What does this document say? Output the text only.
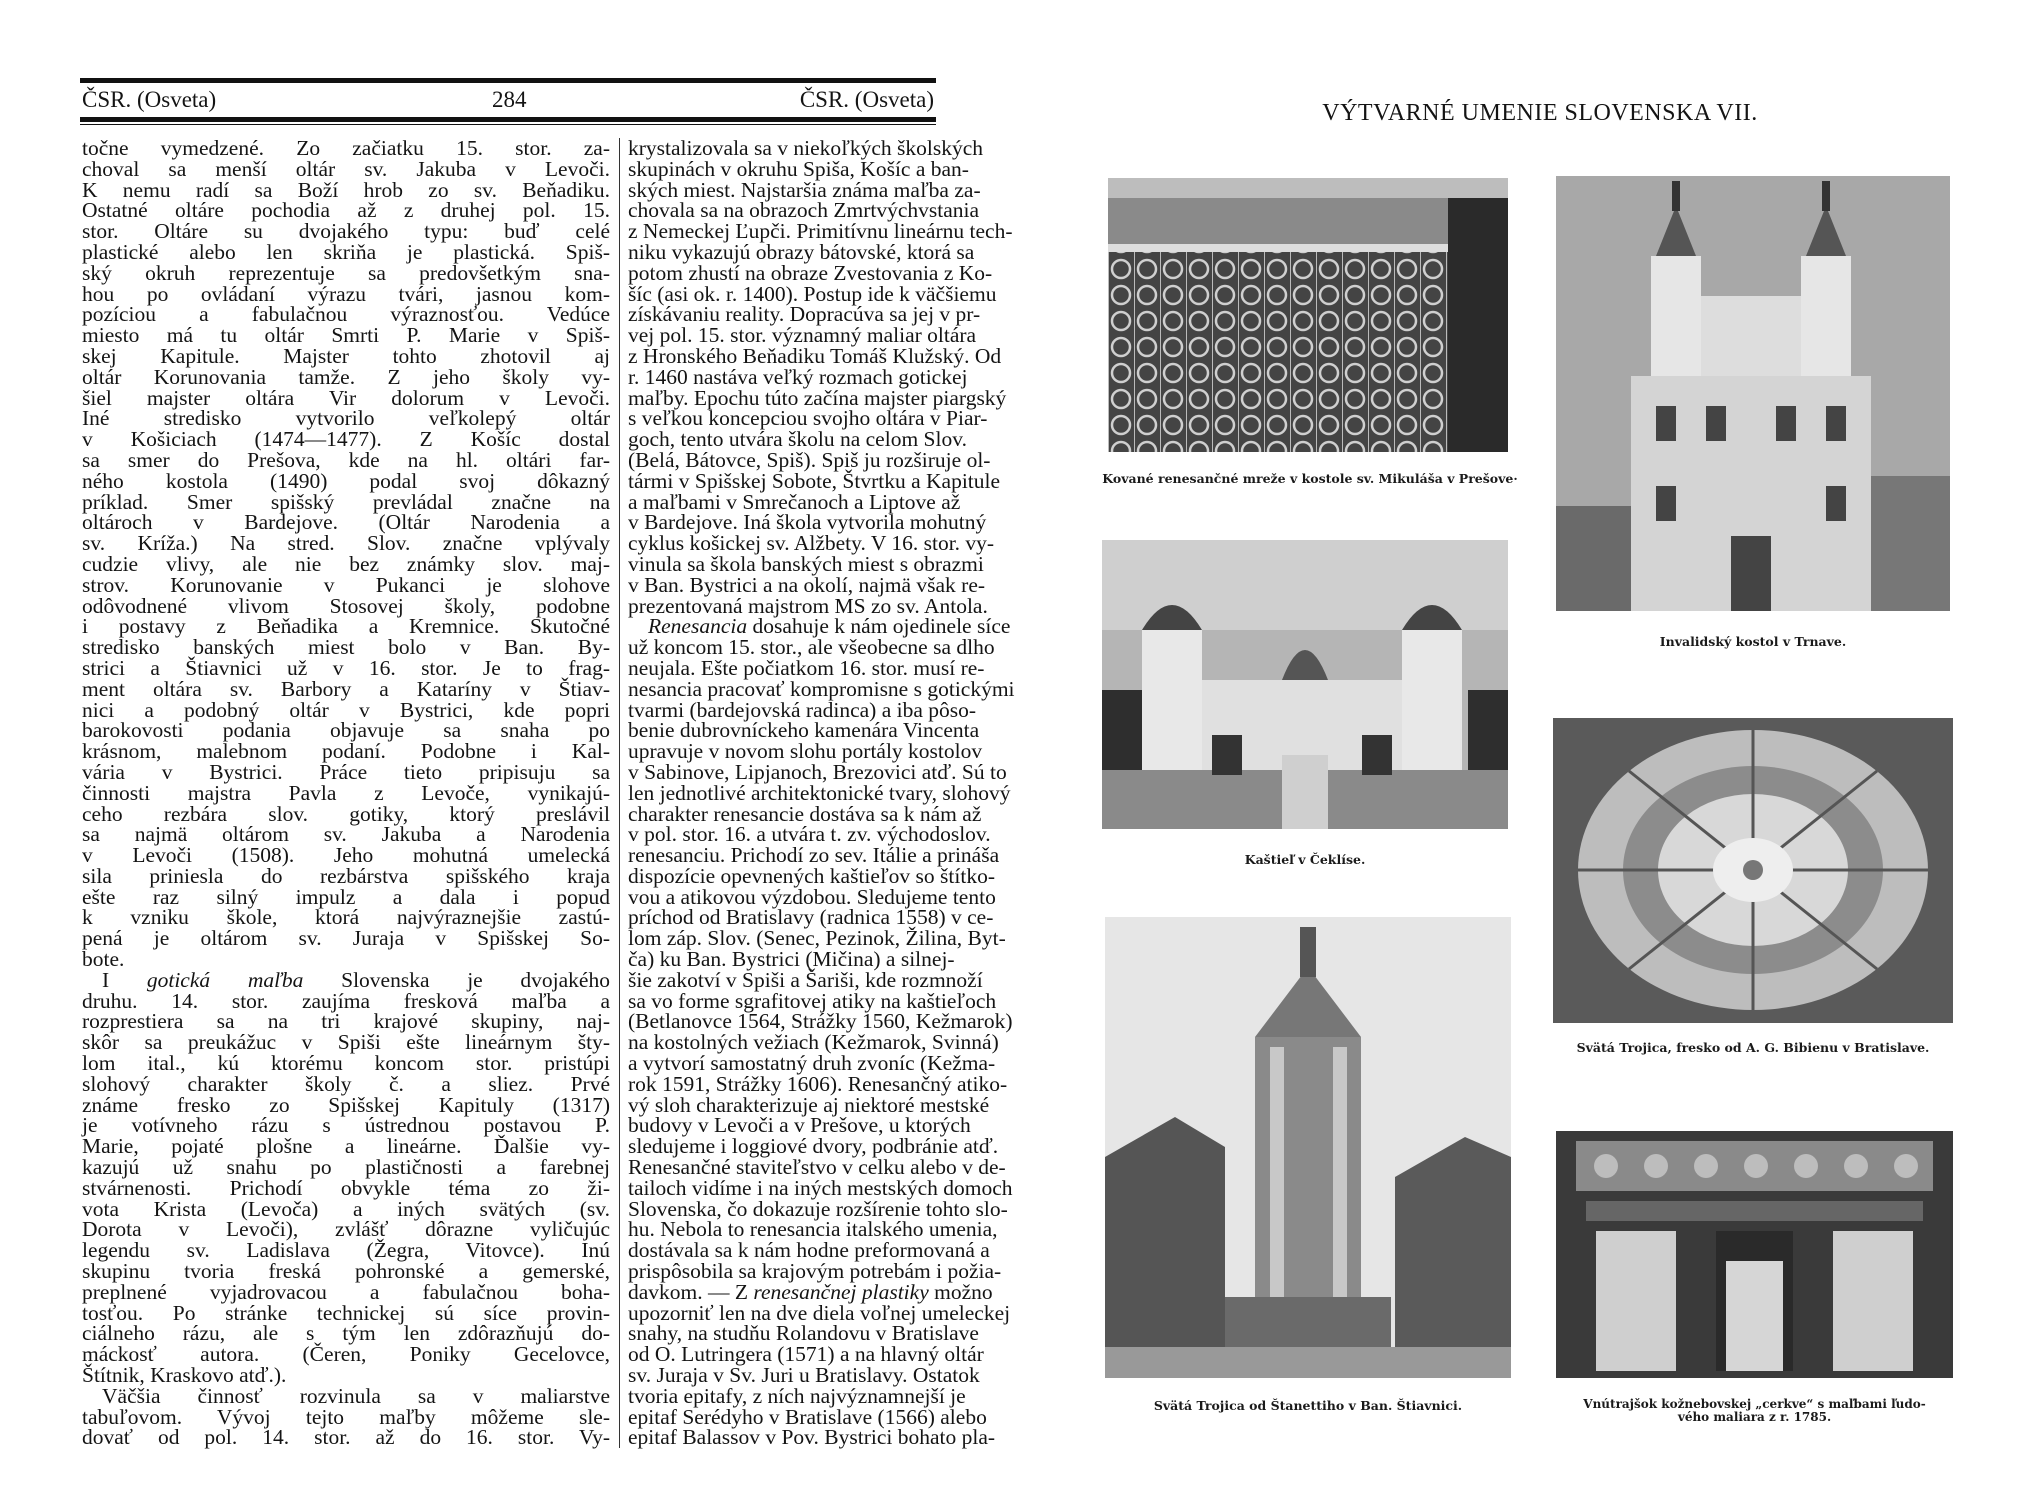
ČSR. (Osveta)	284	ČSR. (Osveta)
točne vymedzené. Zo začiatku 15. stor. za-
choval sa menší oltár sv. Jakuba v Levoči.
K nemu radí sa Boží hrob zo sv. Beňadiku.
Ostatné oltáre pochodia až z druhej pol. 15.
stor. Oltáre su dvojakého typu: buď celé
plastické alebo len skriňa je plastická. Spiš-
ský okruh reprezentuje sa predovšetkým sna-
hou po ovládaní výrazu tvári, jasnou kom-
pozíciou a fabulačnou výraznosťou. Vedúce
miesto má tu oltár Smrti P. Marie v Spiš-
skej Kapitule. Majster tohto zhotovil aj
oltár Korunovania tamže. Z jeho školy vy-
šiel majster oltára Vir dolorum v Levoči.
Iné stredisko vytvorilo veľkolepý oltár
v Košiciach (1474—1477). Z Košíc dostal
sa smer do Prešova, kde na hl. oltári far-
ného kostola (1490) podal svoj dôkazný
príklad. Smer spišský prevládal značne na
oltároch v Bardejove. (Oltár Narodenia a
sv. Kríža.) Na stred. Slov. značne vplývaly
cudzie vlivy, ale nie bez známky slov. maj-
strov. Korunovanie v Pukanci je slohove
odôvodnené vlivom Stosovej školy, podobne
i postavy z Beňadika a Kremnice. Skutočné
stredisko banských miest bolo v Ban. By-
strici a Štiavnici už v 16. stor. Je to frag-
ment oltára sv. Barbory a Kataríny v Štiav-
nici a podobný oltár v Bystrici, kde popri
barokovosti podania objavuje sa snaha po
krásnom, malebnom podaní. Podobne i Kal-
vária v Bystrici. Práce tieto pripisuju sa
činnosti majstra Pavla z Levoče, vynikajú-
ceho rezbára slov. gotiky, ktorý preslávil
sa najmä oltárom sv. Jakuba a Narodenia
v Levoči (1508). Jeho mohutná umelecká
sila priniesla do rezbárstva spišského kraja
ešte raz silný impulz a dala i popud
k vzniku škole, ktorá najvýraznejšie zastú-
pená je oltárom sv. Juraja v Spišskej So-
bote.
I gotická maľba Slovenska je dvojakého
druhu. 14. stor. zaujíma fresková maľba a
rozprestiera sa na tri krajové skupiny, naj-
skôr sa preukážuc v Spiši ešte lineárnym šty-
lom ital., kú ktorému koncom stor. pristúpi
slohový charakter školy č. a sliez. Prvé
známe fresko zo Spišskej Kapituly (1317)
je votívneho rázu s ústrednou postavou P.
Marie, pojaté plošne a lineárne. Ďalšie vy-
kazujú už snahu po plastičnosti a farebnej
stvárnenosti. Prichodí obvykle téma zo ži-
vota Krista (Levoča) a iných svätých (sv.
Dorota v Levoči), zvlášť dôrazne vyličujúc
legendu sv. Ladislava (Žegra, Vitovce). Inú
skupinu tvoria freská pohronské a gemerské,
preplnené vyjadrovacou a fabulačnou boha-
tosťou. Po stránke technickej sú síce provin-
ciálneho rázu, ale s tým len zdôrazňujú do-
máckosť autora. (Čeren, Poniky Gecelovce,
Štítnik, Kraskovo atď.).
Väčšia činnosť rozvinula sa v maliarstve
tabuľovom. Vývoj tejto maľby môžeme sle-
dovať od pol. 14. stor. až do 16. stor. Vy-
krystalizovala sa v niekoľkých školských
skupinách v okruhu Spiša, Košíc a ban-
ských miest. Najstaršia známa maľba za-
chovala sa na obrazoch Zmrtvýchvstania
z Nemeckej Ľupči. Primitívnu lineárnu tech-
niku vykazujú obrazy bátovské, ktorá sa
potom zhustí na obraze Zvestovania z Ko-
šíc (asi ok. r. 1400). Postup ide k väčšiemu
získávaniu reality. Dopracúva sa jej v pr-
vej pol. 15. stor. významný maliar oltára
z Hronského Beňadiku Tomáš Klužský. Od
r. 1460 nastáva veľký rozmach gotickej
maľby. Epochu túto začína majster piargský
s veľkou koncepciou svojho oltára v Piar-
goch, tento utvára školu na celom Slov.
(Belá, Bátovce, Spiš). Spiš ju rozširuje ol-
tármi v Spišskej Sobote, Štvrtku a Kapitule
a maľbami v Smrečanoch a Liptove až
v Bardejove. Iná škola vytvorila mohutný
cyklus košickej sv. Alžbety. V 16. stor. vy-
vinula sa škola banských miest s obrazmi
v Ban. Bystrici a na okolí, najmä však re-
prezentovaná majstrom MS zo sv. Antola.
Renesancia dosahuje k nám ojedinele síce
už koncom 15. stor., ale všeobecne sa dlho
neujala. Ešte počiatkom 16. stor. musí re-
nesancia pracovať kompromisne s gotickými
tvarmi (bardejovská radinca) a iba pôso-
benie dubrovníckeho kamenára Vincenta
upravuje v novom slohu portály kostolov
v Sabinove, Lipjanoch, Brezovici atď. Sú to
len jednotlivé architektonické tvary, slohový
charakter renesancie dostáva sa k nám až
v pol. stor. 16. a utvára t. zv. východoslov.
renesanciu. Prichodí zo sev. Itálie a prináša
dispozície opevnených kaštieľov so štítko-
vou a atikovou výzdobou. Sledujeme tento
príchod od Bratislavy (radnica 1558) v ce-
lom záp. Slov. (Senec, Pezinok, Žilina, Byt-
ča) ku Ban. Bystrici (Mičina) a silnej-
šie zakotví v Spiši a Šariši, kde rozmnoží
sa vo forme sgrafitovej atiky na kaštieľoch
(Betlanovce 1564, Strážky 1560, Kežmarok)
na kostolných vežiach (Kežmarok, Svinná)
a vytvorí samostatný druh zvoníc (Kežma-
rok 1591, Strážky 1606). Renesančný atiko-
vý sloh charakterizuje aj niektoré mestské
budovy v Levoči a v Prešove, u ktorých
sledujeme i loggiové dvory, podbránie atď.
Renesančné staviteľstvo v celku alebo v de-
tailoch vidíme i na iných mestských domoch
Slovenska, čo dokazuje rozšírenie tohto slo-
hu. Nebola to renesancia italského umenia,
dostávala sa k nám hodne preformovaná a
prispôsobila sa krajovým potrebám i požia-
davkom. — Z renesančnej plastiky možno
upozorniť len na dve diela voľnej umeleckej
snahy, na studňu Rolandovu v Bratislave
od O. Lutringera (1571) a na hlavný oltár
sv. Juraja v Sv. Juri u Bratislavy. Ostatok
tvoria epitafy, z ních najvýznamnejší je
epitaf Serédyho v Bratislave (1566) alebo
epitaf Balassov v Pov. Bystrici bohato pla-
VÝTVARNÉ UMENIE SLOVENSKA VII.
Kované renesančné mreže v kostole sv. Mikuláša v Prešove·
Invalidský kostol v Trnave.
Kaštieľ v Čeklíse.
Svätá Trojica, fresko od A. G. Bibienu v Bratislave.
Svätá Trojica od Štanettiho v Ban. Štiavnici.	Vnútrajšok kožnebovskej „cerkve“ s maľbami ľudo-
vého maliara z r. 1785.
